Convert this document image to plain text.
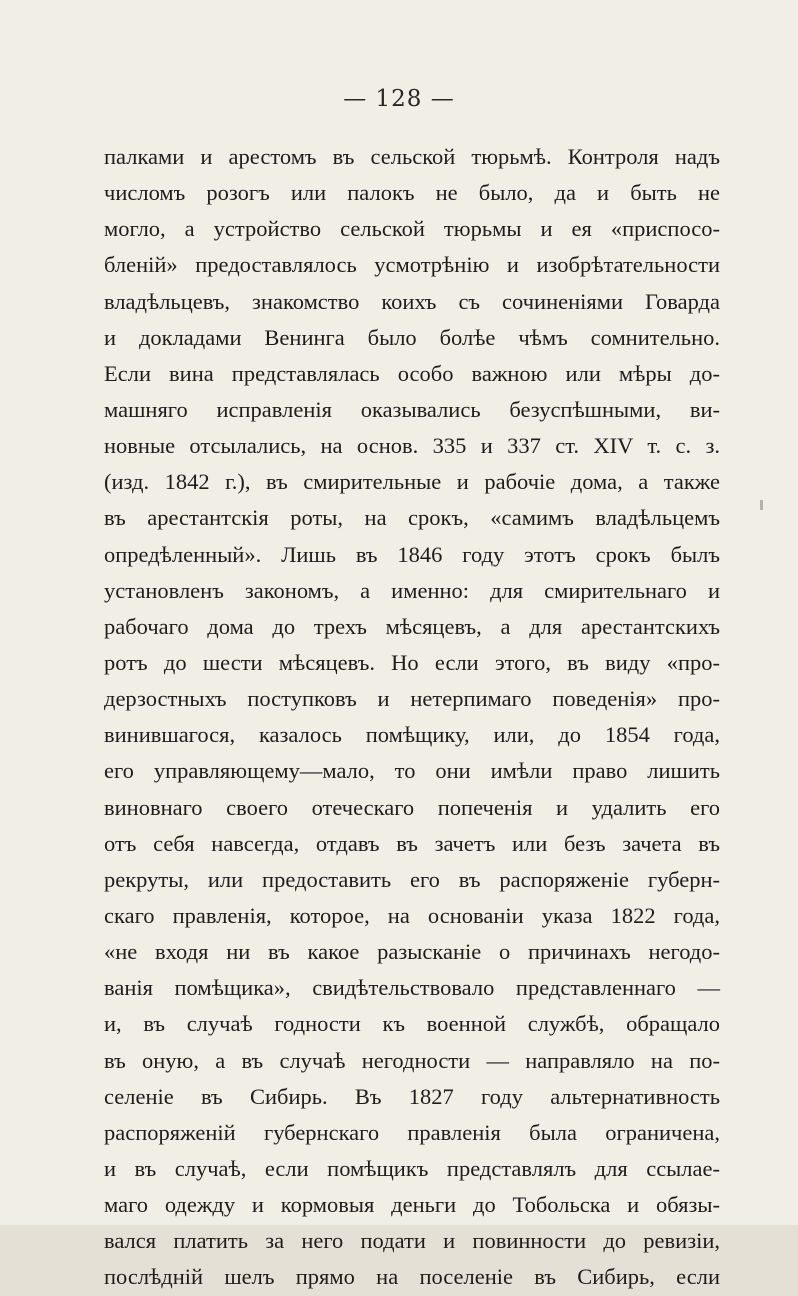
— 128 —
палками и арестомъ въ сельской тюрьмѣ. Контроля надъ
числомъ розогъ или палокъ не было, да и быть не
могло, а устройство сельской тюрьмы и ея «приспосо-
бленій» предоставлялось усмотрѣнію и изобрѣтательности
владѣльцевъ, знакомство коихъ съ сочиненіями Говарда
и докладами Венинга было болѣе чѣмъ сомнительно.
Если вина представлялась особо важною или мѣры до-
машняго исправленія оказывались безуспѣшными, ви-
новные отсылались, на основ. 335 и 337 ст. XIV т. с. з.
(изд. 1842 г.), въ смирительные и рабочіе дома, а также
въ арестантскія роты, на срокъ, «самимъ владѣльцемъ
опредѣленный». Лишь въ 1846 году этотъ срокъ былъ
установленъ закономъ, а именно: для смирительнаго и
рабочаго дома до трехъ мѣсяцевъ, а для арестантскихъ
ротъ до шести мѣсяцевъ. Но если этого, въ виду «про-
дерзостныхъ поступковъ и нетерпимаго поведенія» про-
винившагося, казалось помѣщику, или, до 1854 года,
его управляющему—мало, то они имѣли право лишить
виновнаго своего отеческаго попеченія и удалить его
отъ себя навсегда, отдавъ въ зачетъ или безъ зачета въ
рекруты, или предоставить его въ распоряженіе губерн-
скаго правленія, которое, на основаніи указа 1822 года,
«не входя ни въ какое разысканіе о причинахъ негодо-
ванія помѣщика», свидѣтельствовало представленнаго —
и, въ случаѣ годности къ военной службѣ, обращало
въ оную, а въ случаѣ негодности — направляло на по-
селеніе въ Сибирь. Въ 1827 году альтернативность
распоряженій губернскаго правленія была ограничена,
и въ случаѣ, если помѣщикъ представлялъ для ссылае-
маго одежду и кормовыя деньги до Тобольска и обязы-
вался платить за него подати и повинности до ревизіи,
послѣдній шелъ прямо на поселеніе въ Сибирь, если
